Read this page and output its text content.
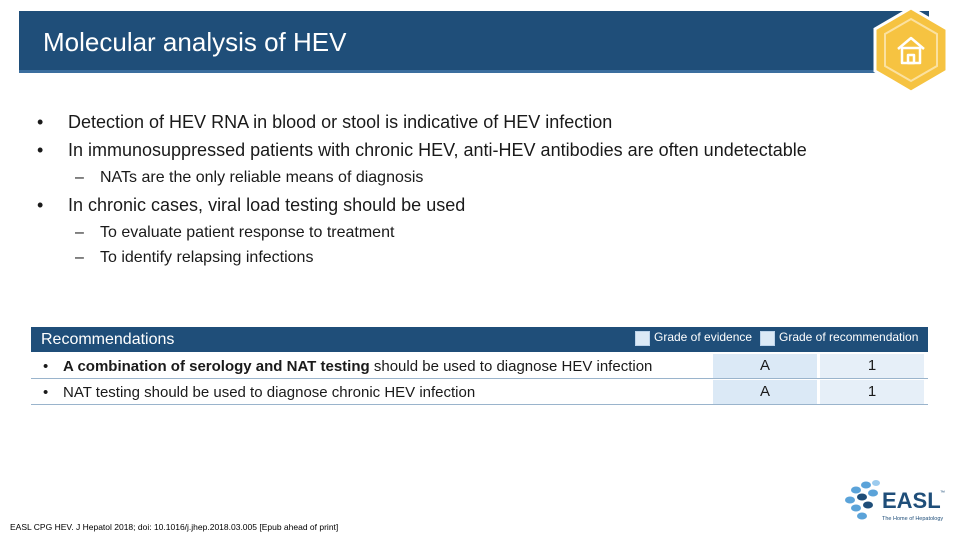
Molecular analysis of HEV
• Detection of HEV RNA in blood or stool is indicative of HEV infection
• In immunosuppressed patients with chronic HEV, anti-HEV antibodies are often undetectable
– NATs are the only reliable means of diagnosis
• In chronic cases, viral load testing should be used
– To evaluate patient response to treatment
– To identify relapsing infections
Recommendations	Grade of evidence Grade of recommendation
• A combination of serology and NAT testing should be used to diagnose HEV infection	A	1
• NAT testing should be used to diagnose chronic HEV infection	A	1
EASL CPG HEV. J Hepatol 2018; doi: 10.1016/j.jhep.2018.03.005 [Epub ahead of print]
EASL ™
The Home of Hepatology
